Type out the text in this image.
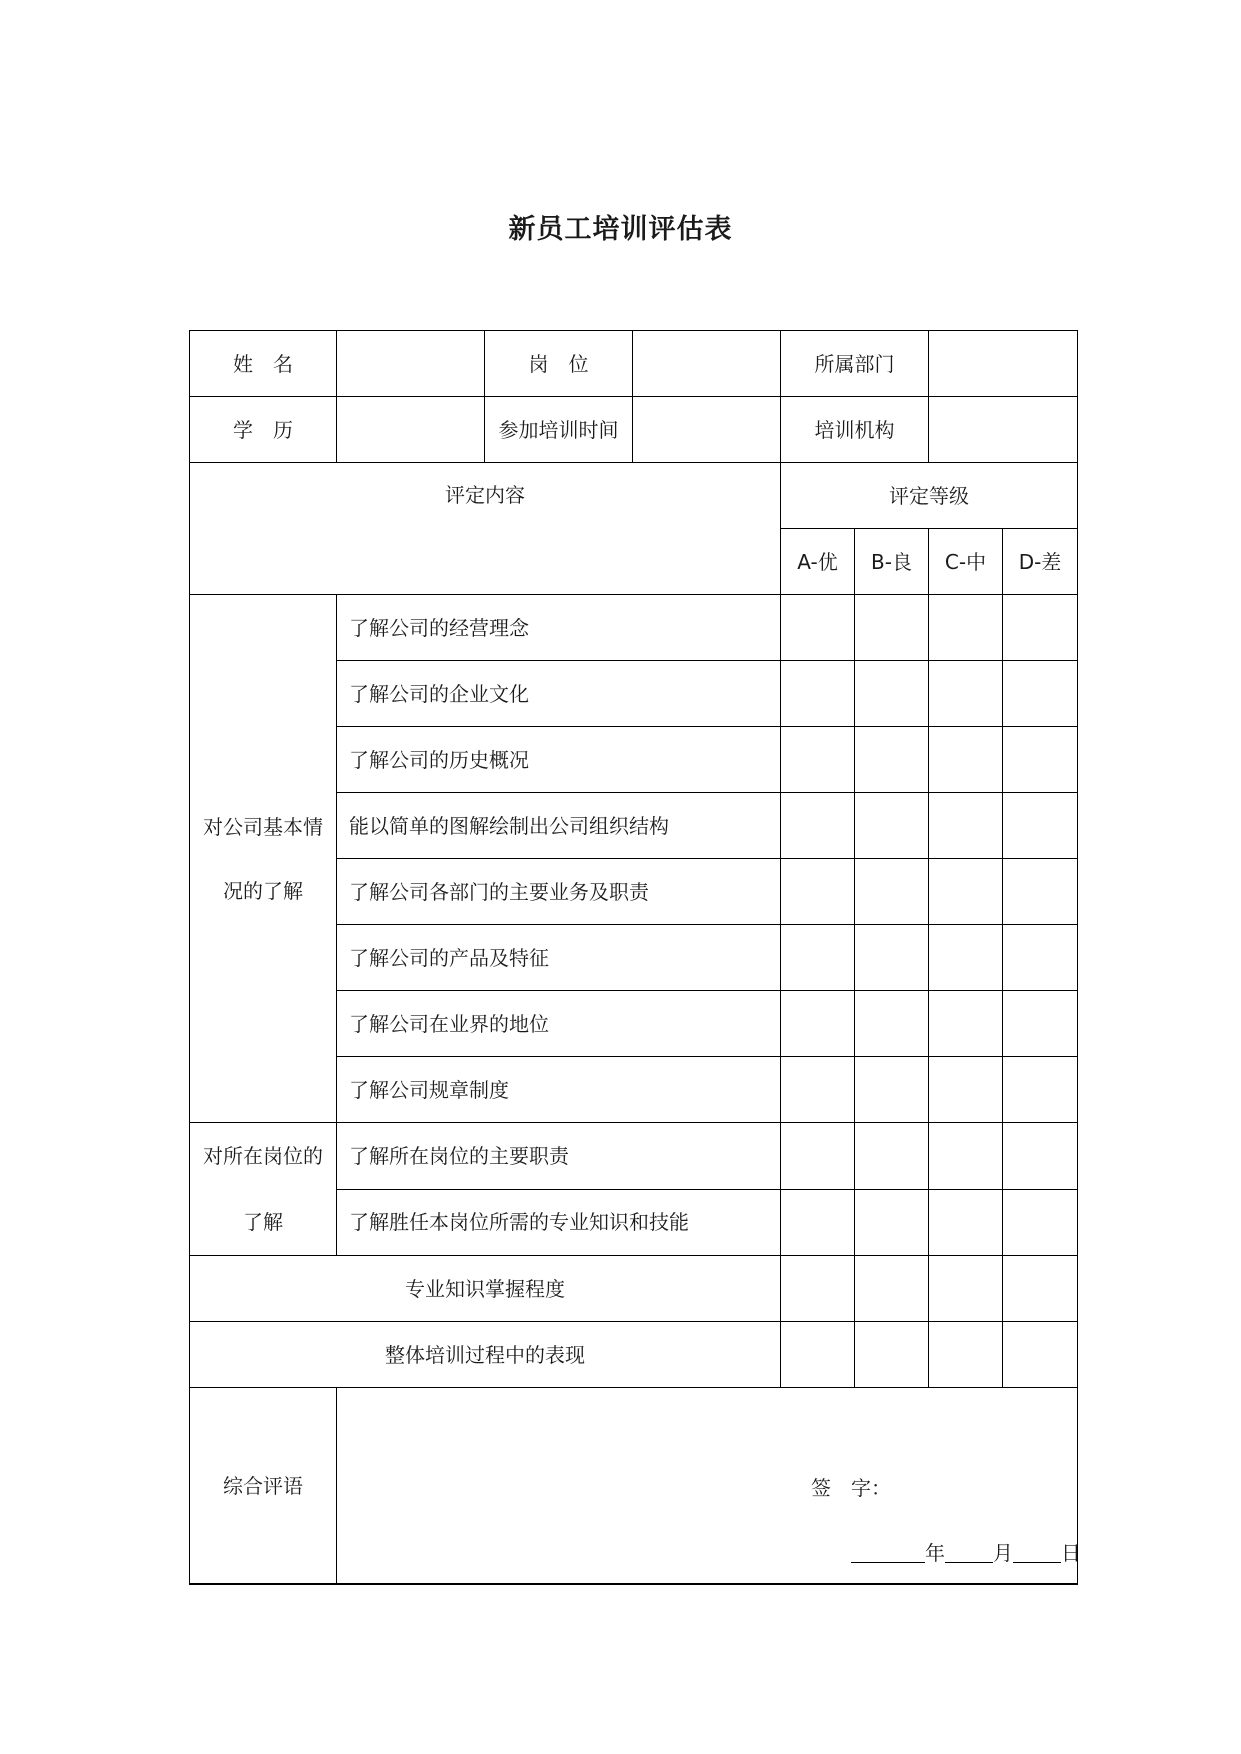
新员工培训评估表
姓　名		岗　位		所属部门			
学　历		参加培训时间		培训机构			
评定内容				评定等级			
				A-优	B-良	C-中	D-差
对公司基本情况的了解	了解公司的经营理念						
	了解公司的企业文化						
	了解公司的历史概况						
	能以简单的图解绘制出公司组织结构						
	了解公司各部门的主要业务及职责						
	了解公司的产品及特征						
	了解公司在业界的地位						
	了解公司规章制度						
对所在岗位的了解	了解所在岗位的主要职责						
	了解胜任本岗位所需的专业知识和技能						
专业知识掌握程度							
整体培训过程中的表现							
综合评语	签　字：
年 月 日						
